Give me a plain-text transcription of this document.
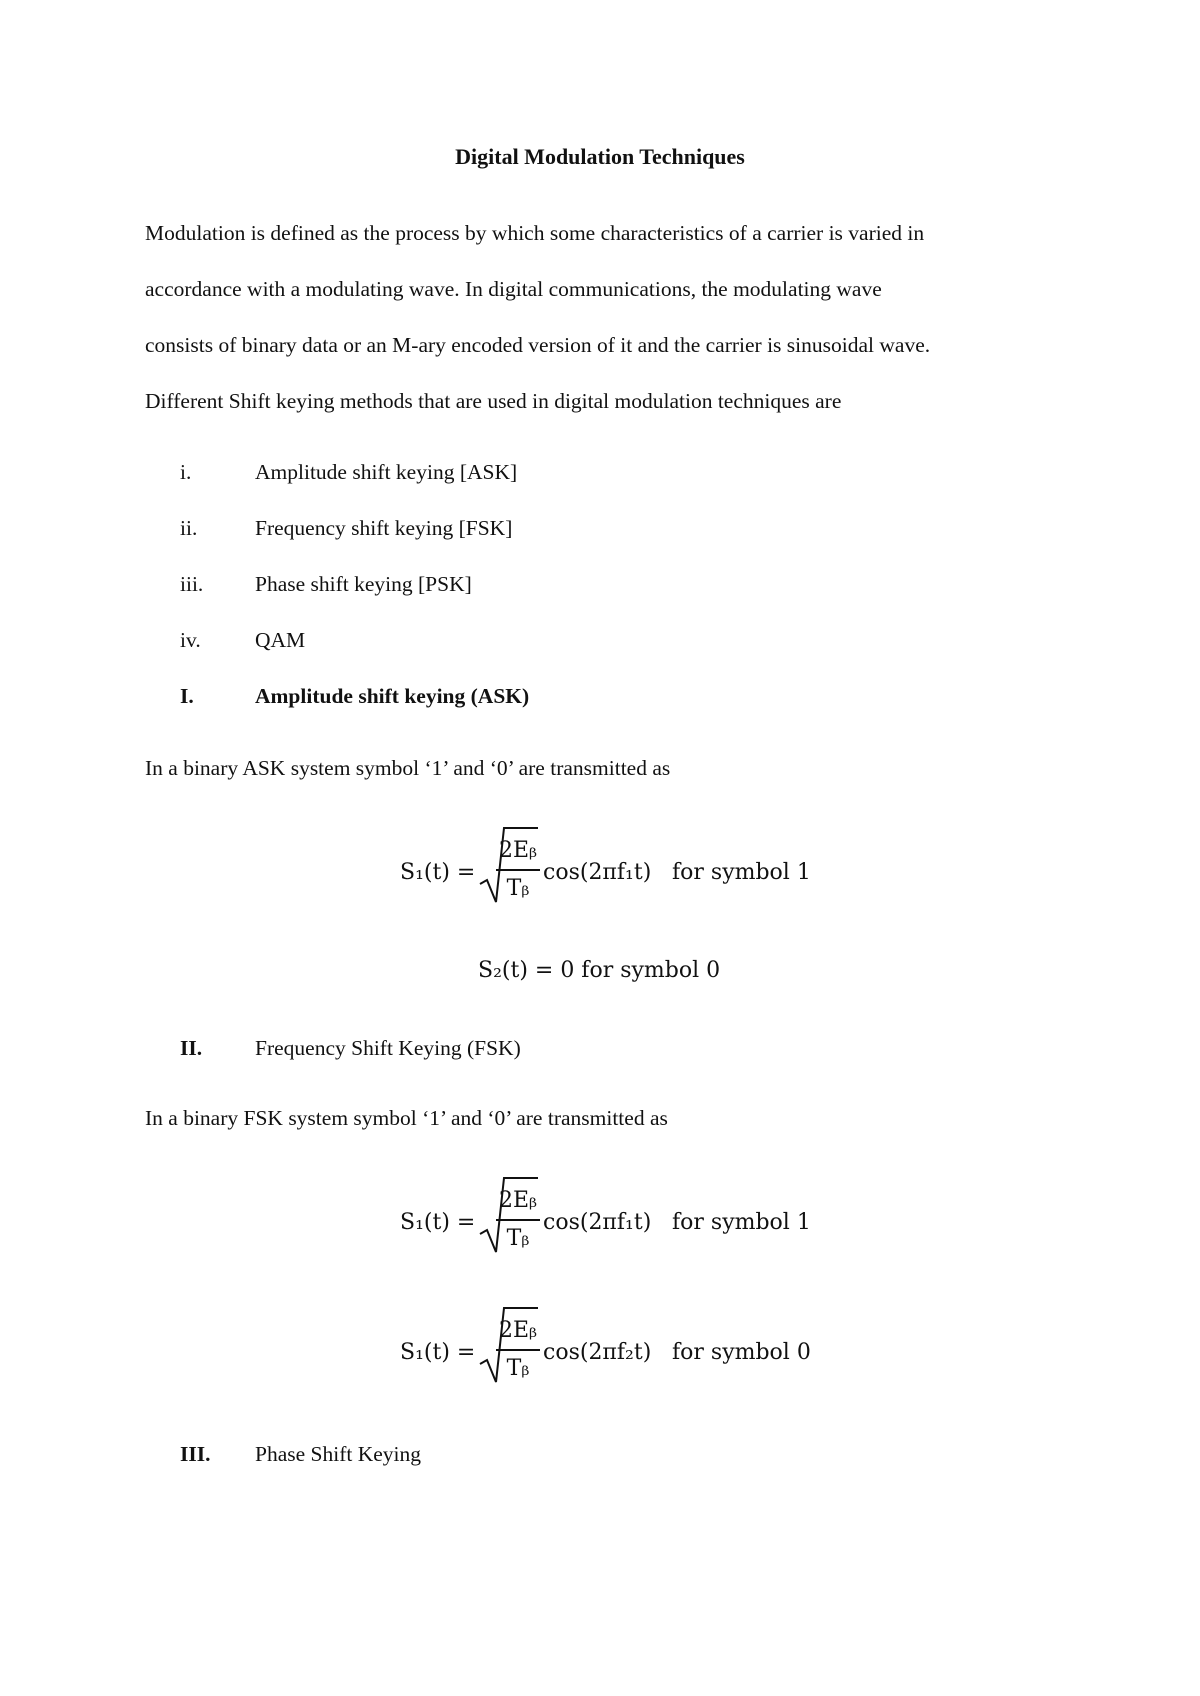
Digital Modulation Techniques

Modulation is defined as the process by which some characteristics of a carrier is varied in
accordance with a modulating wave. In digital communications, the modulating wave
consists of binary data or an M-ary encoded version of it and the carrier is sinusoidal wave.
Different Shift keying methods that are used in digital modulation techniques are

i.	Amplitude shift keying [ASK]
ii.	Frequency shift keying [FSK]
iii. Phase shift keying [PSK]
iv.	QAM
I.	Amplitude shift keying (ASK)
In a binary ASK system symbol ‘1’ and ‘0’ are transmitted as
S₁(t) =
2Eᵦ
Tᵦ
cos(2πf₁t) for symbol 1
S₂(t) = 0 for symbol 0
II. Frequency Shift Keying (FSK)
In a binary FSK system symbol ‘1’ and ‘0’ are transmitted as
S₁(t) =
2Eᵦ
Tᵦ
cos(2πf₁t) for symbol 1
S₁(t) =
2Eᵦ
Tᵦ
cos(2πf₂t) for symbol 0
III. Phase Shift Keying
